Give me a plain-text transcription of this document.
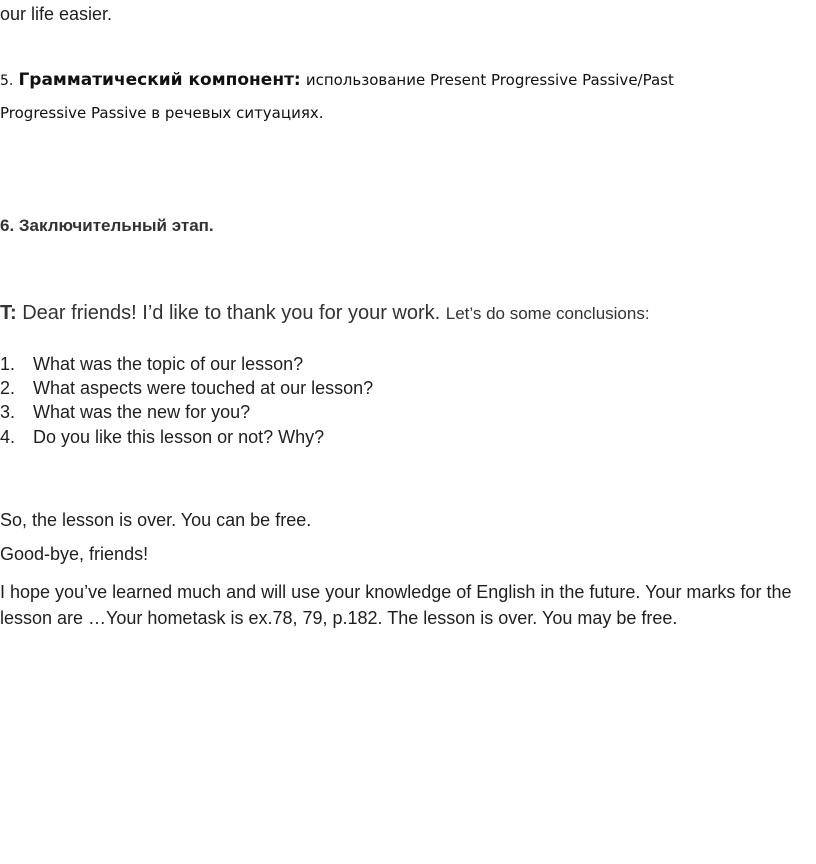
our life easier.
5. Грамматический компонент: использование Present Progressive Passive/Past
Progressive Passive в речевых ситуациях.
6. Заключительный этап.
T: Dear friends! I’d like to thank you for your work. Let’s do some conclusions:
1. What was the topic of our lesson?
2. What aspects were touched at our lesson?
3. What was the new for you?
4. Do you like this lesson or not? Why?
So, the lesson is over. You can be free.
Good-bye, friends!
I hope you’ve learned much and will use your knowledge of English in the future. Your marks for the lesson are …Your hometask is ex.78, 79, p.182. The lesson is over. You may be free.
